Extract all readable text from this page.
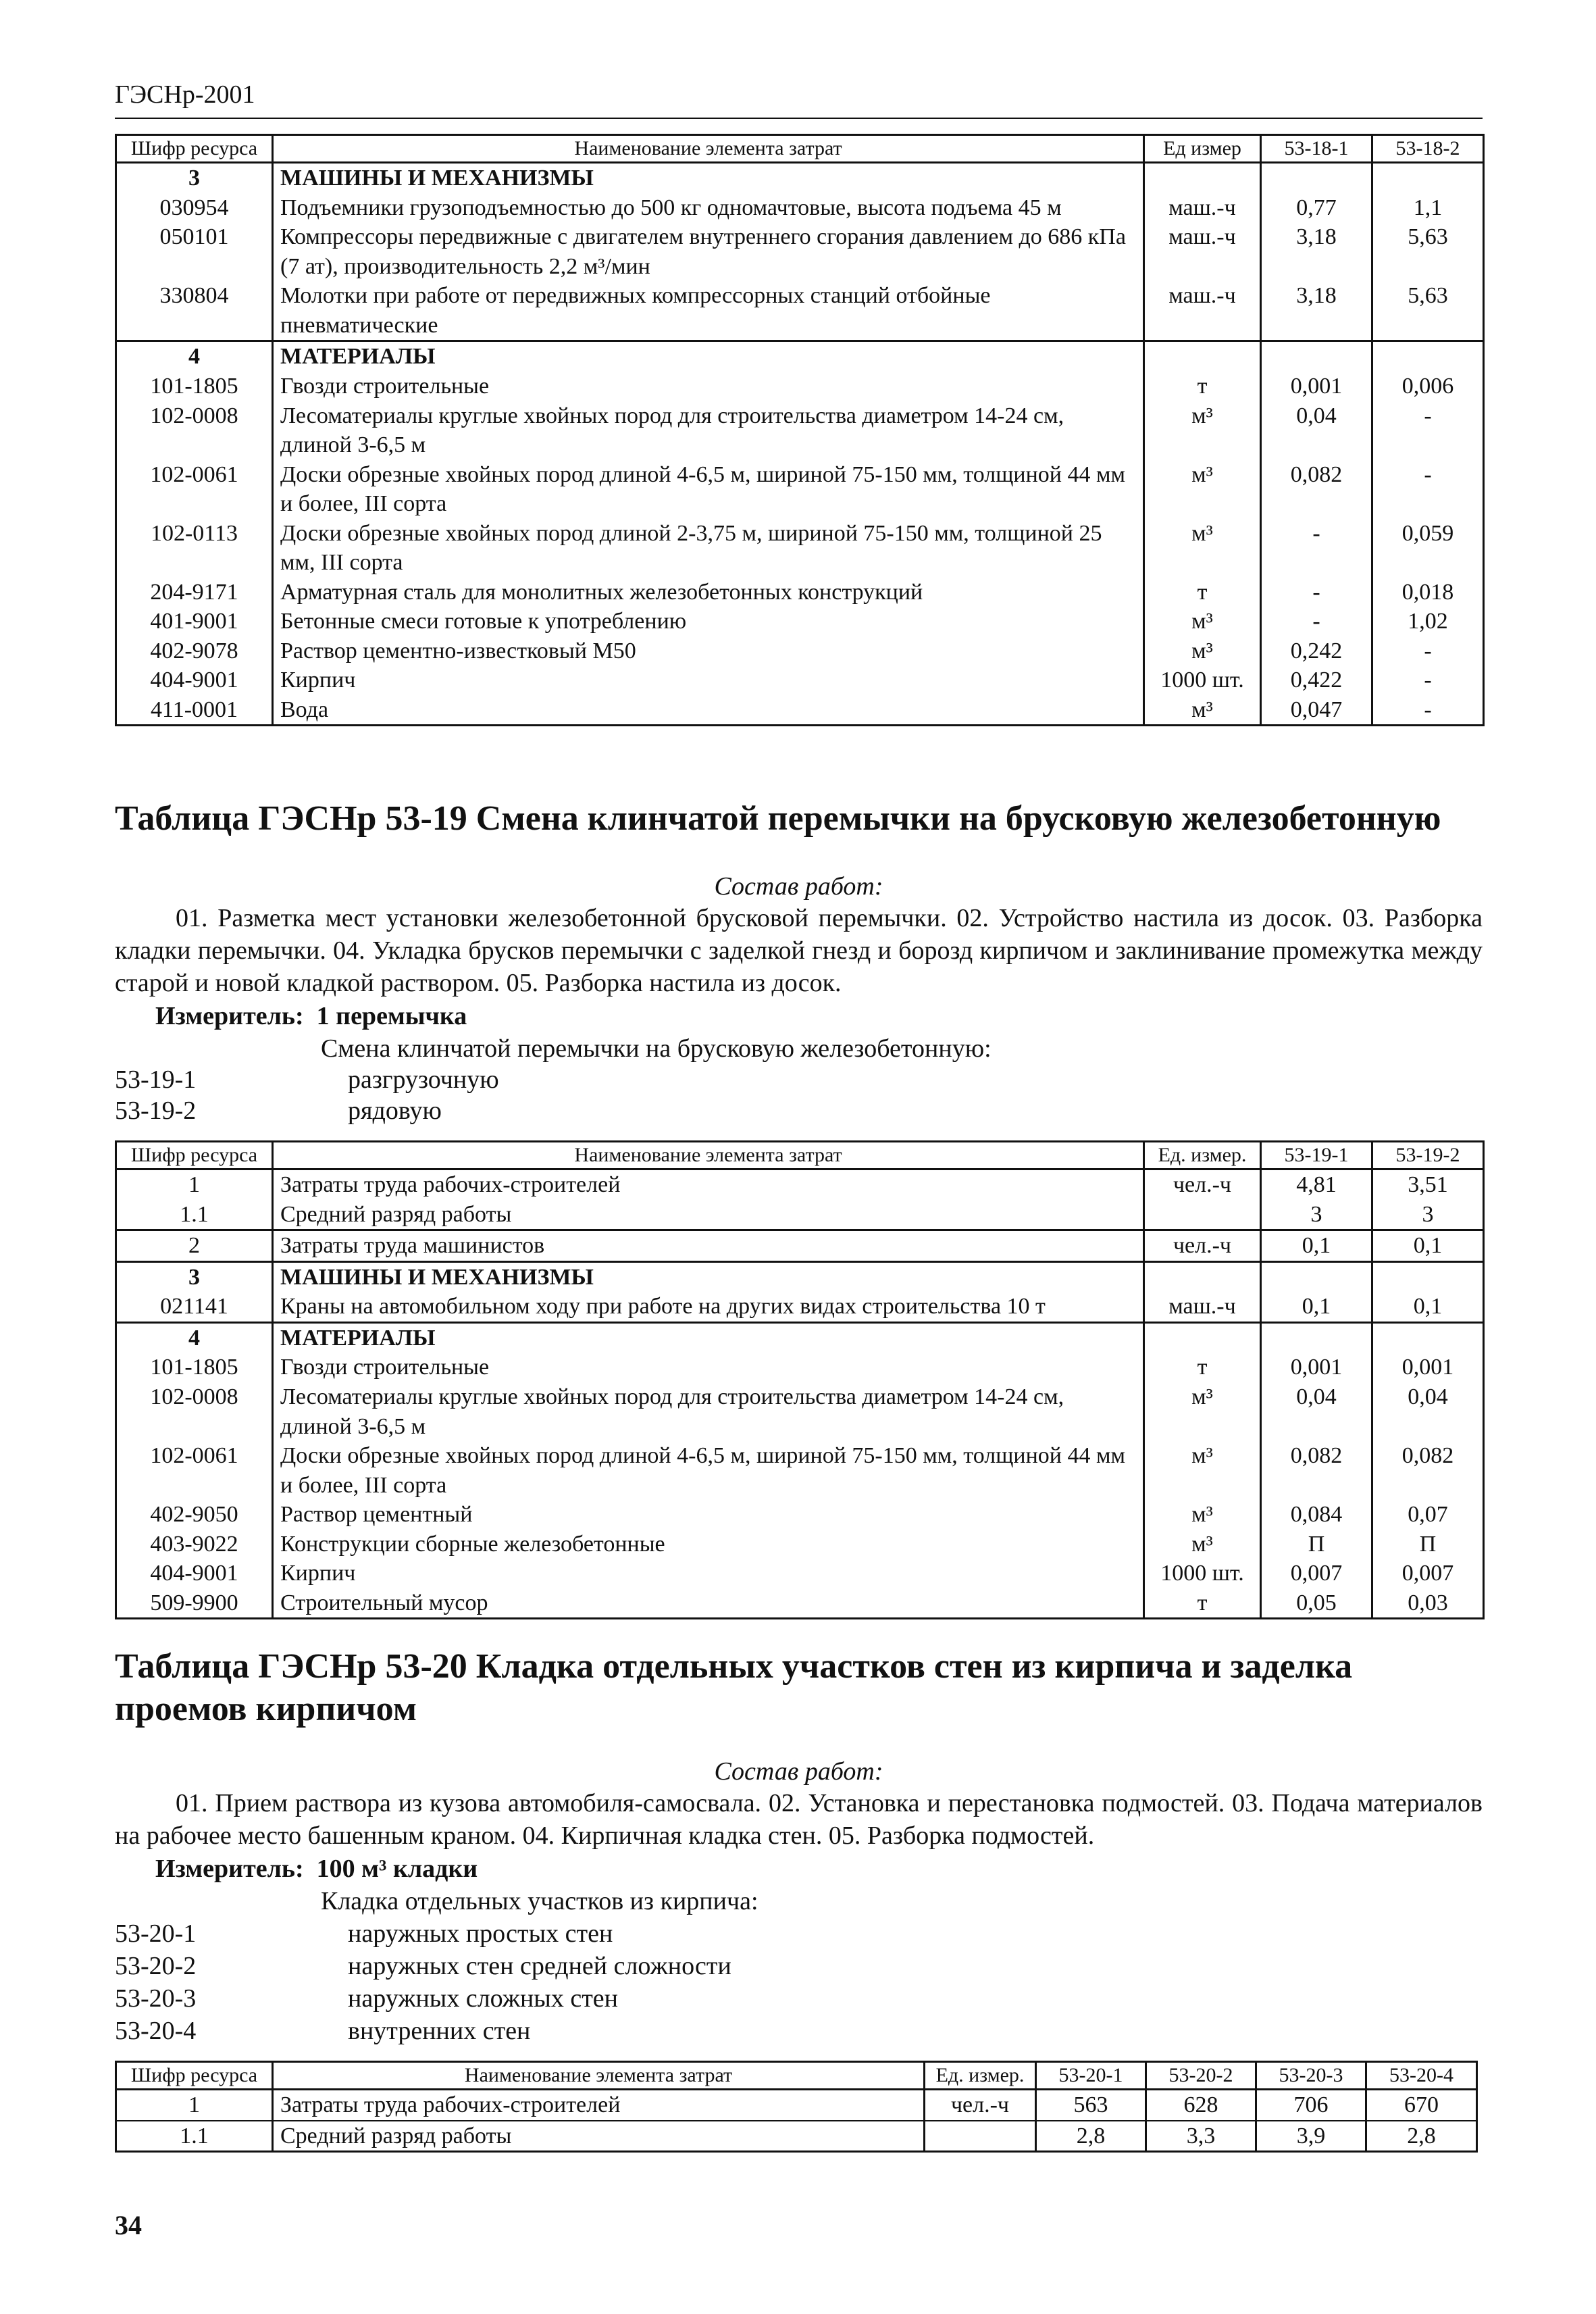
ГЭСНр-2001
Шифр ресурса	Наименование элемента затрат	Ед измер	53-18-1	53-18-2
3	МАШИНЫ И МЕХАНИЗМЫ			
030954	Подъемники грузоподъемностью до 500 кг одномачтовые, высота подъема 45 м	маш.-ч	0,77	1,1
050101	Компрессоры передвижные с двигателем внутреннего сгорания давлением до 686 кПа (7 ат), производительность 2,2 м³/мин	маш.-ч	3,18	5,63
330804	Молотки при работе от передвижных компрессорных станций отбойные пневматические	маш.-ч	3,18	5,63
4	МАТЕРИАЛЫ			
101-1805	Гвозди строительные	т	0,001	0,006
102-0008	Лесоматериалы круглые хвойных пород для строительства диаметром 14-24 см, длиной 3-6,5 м	м³	0,04	-
102-0061	Доски обрезные хвойных пород длиной 4-6,5 м, шириной 75-150 мм, толщиной 44 мм и более, III сорта	м³	0,082	-
102-0113	Доски обрезные хвойных пород длиной 2-3,75 м, шириной 75-150 мм, толщиной 25 мм, III сорта	м³	-	0,059
204-9171	Арматурная сталь для монолитных железобетонных конструкций	т	-	0,018
401-9001	Бетонные смеси готовые к употреблению	м³	-	1,02
402-9078	Раствор цементно-известковый М50	м³	0,242	-
404-9001	Кирпич	1000 шт.	0,422	-
411-0001	Вода	м³	0,047	-
Таблица ГЭСНр 53-19 Смена клинчатой перемычки на брусковую железобетонную
Состав работ:
01. Разметка мест установки железобетонной брусковой перемычки. 02. Устройство настила из досок. 03. Разборка кладки перемычки. 04. Укладка брусков перемычки с заделкой гнезд и борозд кирпичом и заклинивание промежутка между старой и новой кладкой раствором. 05. Разборка настила из досок.
Измеритель: 1 перемычка
Смена клинчатой перемычки на брусковую железобетонную:
53-19-1	разгрузочную
53-19-2	рядовую
Шифр ресурса	Наименование элемента затрат	Ед. измер.	53-19-1	53-19-2
1	Затраты труда рабочих-строителей	чел.-ч	4,81	3,51
1.1	Средний разряд работы		3	3
2	Затраты труда машинистов	чел.-ч	0,1	0,1
3	МАШИНЫ И МЕХАНИЗМЫ			
021141	Краны на автомобильном ходу при работе на других видах строительства 10 т	маш.-ч	0,1	0,1
4	МАТЕРИАЛЫ			
101-1805	Гвозди строительные	т	0,001	0,001
102-0008	Лесоматериалы круглые хвойных пород для строительства диаметром 14-24 см, длиной 3-6,5 м	м³	0,04	0,04
102-0061	Доски обрезные хвойных пород длиной 4-6,5 м, шириной 75-150 мм, толщиной 44 мм и более, III сорта	м³	0,082	0,082
402-9050	Раствор цементный	м³	0,084	0,07
403-9022	Конструкции сборные железобетонные	м³	П	П
404-9001	Кирпич	1000 шт.	0,007	0,007
509-9900	Строительный мусор	т	0,05	0,03
Таблица ГЭСНр 53-20 Кладка отдельных участков стен из кирпича и заделка проемов кирпичом
Состав работ:
01. Прием раствора из кузова автомобиля-самосвала. 02. Установка и перестановка подмостей. 03. Подача материалов на рабочее место башенным краном. 04. Кирпичная кладка стен. 05. Разборка подмостей.
Измеритель: 100 м³ кладки
Кладка отдельных участков из кирпича:
53-20-1	наружных простых стен
53-20-2	наружных стен средней сложности
53-20-3	наружных сложных стен
53-20-4	внутренних стен
Шифр ресурса	Наименование элемента затрат	Ед. измер.	53-20-1	53-20-2	53-20-3	53-20-4
1	Затраты труда рабочих-строителей	чел.-ч	563	628	706	670
1.1	Средний разряд работы		2,8	3,3	3,9	2,8
34
